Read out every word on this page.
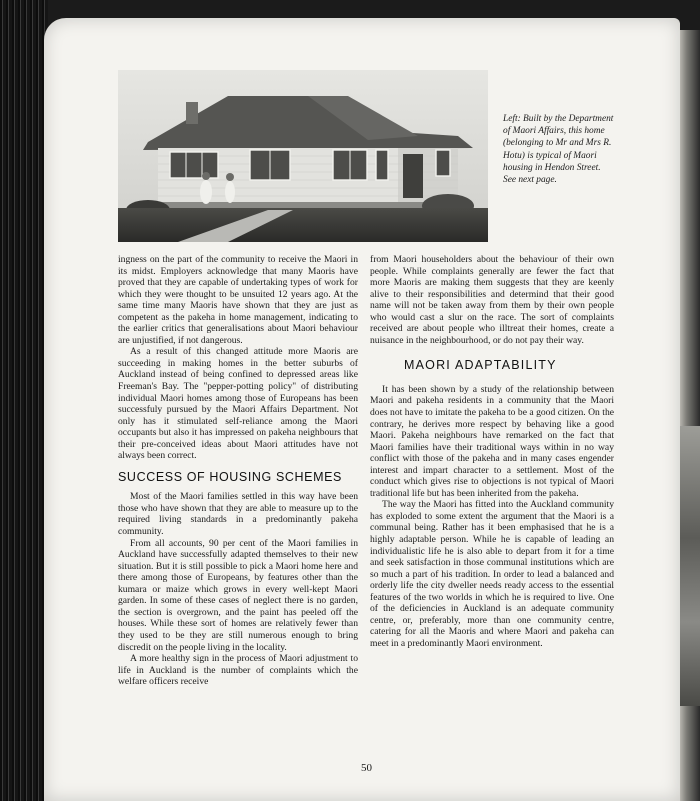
Left: Built by the Department of Maori Affairs, this home (belonging to Mr and Mrs R. Hotu) is typical of Maori housing in Hendon Street. See next page.

ingness on the part of the community to receive the Maori in its midst. Employers acknowledge that many Maoris have proved that they are capable of undertaking types of work for which they were thought to be unsuited 12 years ago. At the same time many Maoris have shown that they are just as competent as the pakeha in home management, indicating to the earlier critics that generalisations about Maori behaviour are unjustified, if not dangerous.

As a result of this changed attitude more Maoris are succeeding in making homes in the better suburbs of Auckland instead of being confined to depressed areas like Freeman's Bay. The "pepper-potting policy" of distributing individual Maori homes among those of Europeans has been successfuly pursued by the Maori Affairs Department. Not only has it stimulated self-reliance among the Maori occupants but also it has impressed on pakeha neighbours that their pre-conceived ideas about Maori attitudes have not always been correct.

SUCCESS OF HOUSING SCHEMES

Most of the Maori families settled in this way have been those who have shown that they are able to measure up to the required living standards in a predominantly pakeha community.

From all accounts, 90 per cent of the Maori families in Auckland have successfully adapted themselves to their new situation. But it is still possible to pick a Maori home here and there among those of Europeans, by features other than the kumara or maize which grows in every well-kept Maori garden. In some of these cases of neglect there is no garden, the section is overgrown, and the paint has peeled off the houses. While these sort of homes are relatively fewer than they used to be they are still numerous enough to bring discredit on the people living in the locality.

A more healthy sign in the process of Maori adjustment to life in Auckland is the number of complaints which the welfare officers receive

from Maori householders about the behaviour of their own people. While complaints generally are fewer the fact that more Maoris are making them suggests that they are keenly alive to their responsibilities and determind that their good name will not be taken away from them by their own people who would cast a slur on the race. The sort of complaints received are about people who illtreat their homes, create a nuisance in the neighbourhood, or do not pay their way.

MAORI ADAPTABILITY

It has been shown by a study of the relationship between Maori and pakeha residents in a community that the Maori does not have to imitate the pakeha to be a good citizen. On the contrary, he derives more respect by behaving like a good Maori. Pakeha neighbours have remarked on the fact that Maori families have their traditional ways within in no way conflict with those of the pakeha and in many cases engender interest and impart character to a settlement. Most of the conduct which gives rise to objections is not typical of Maori traditional life but has been inherited from the pakeha.

The way the Maori has fitted into the Auckland community has exploded to some extent the argument that the Maori is a communal being. Rather has it been emphasised that he is a highly adaptable person. While he is capable of leading an individualistic life he is also able to depart from it for a time and seek satisfaction in those communal institutions which are so much a part of his tradition. In order to lead a balanced and orderly life the city dweller needs ready access to the essential features of the two worlds in which he is required to live. One of the deficiencies in Auckland is an adequate community centre, or, preferably, more than one community centre, catering for all the Maoris and where Maori and pakeha can meet in a predominantly Maori environment.

50
